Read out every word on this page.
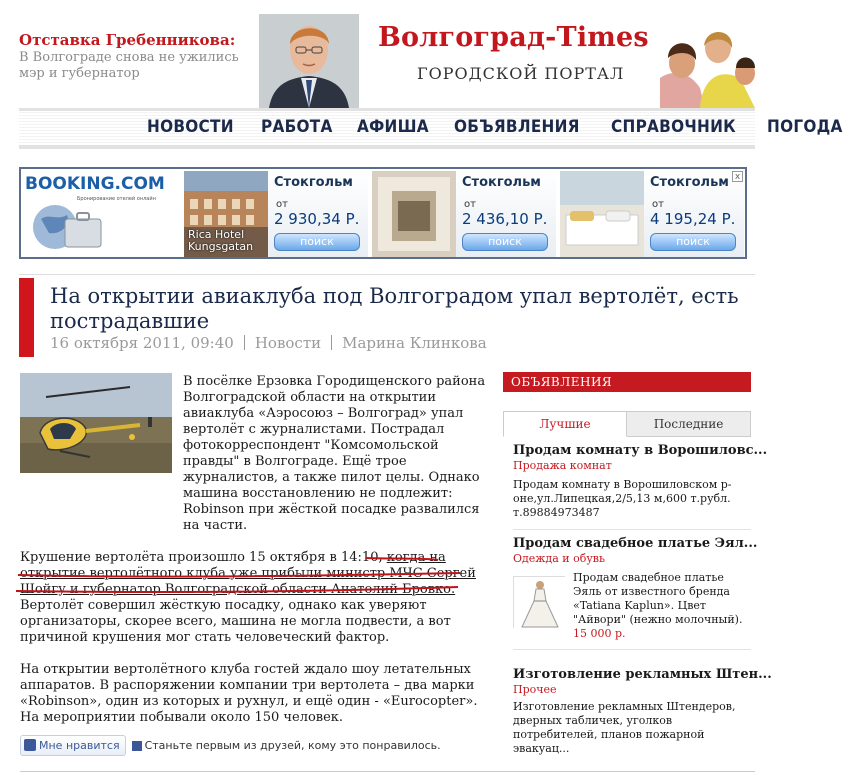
Отставка Гребенникова:
В Волгограде снова не ужились мэр и губернатор
Волгоград-Times
ГОРОДСКОЙ ПОРТАЛ
НОВОСТИ РАБОТА АФИША ОБЪЯВЛЕНИЯ СПРАВОЧНИК ПОГОДА
BOOKING.COM
Бронирование отелей онлайн
Rica Hotel Kungsgatan
Стокгольм
от
2 930,34 Р.
поиск
Стокгольм
от
2 436,10 Р.
поиск
Стокгольм
от
4 195,24 Р.
поиск
x
На открытии авиаклуба под Волгоградом упал вертолёт, есть пострадавшие
16 октября 2011, 09:40 Новости Марина Клинкова

В посёлке Ерзовка Городищенского района Волгоградской области на открытии авиаклуба «Аэросоюз – Волгоград» упал вертолёт с журналистами. Пострадал фотокорреспондент "Комсомольской правды" в Волгограде. Ещё трое журналистов, а также пилот целы. Однако машина восстановлению не подлежит: Robinson при жёсткой посадке развалился на части.

Крушение вертолёта произошло 15 октября в 14:10, когда на открытие вертолётного клуба уже прибыли министр МЧС Сергей Шойгу и губернатор Волгоградской области Анатолий Бровко. Вертолёт совершил жёсткую посадку, однако как уверяют организаторы, скорее всего, машина не могла подвести, а вот причиной крушения мог стать человеческий фактор.

На открытии вертолётного клуба гостей ждало шоу летательных аппаратов. В распоряжении компании три вертолета – два марки «Robinson», один из которых и рухнул, и ещё один - «Eurocopter». На мероприятии побывали около 150 человек.

Мне нравится Станьте первым из друзей, кому это понравилось.
ОБЪЯВЛЕНИЯ
Лучшие	Последние
Продам комнату в Ворошиловс...
Продажа комнат
Продам комнату в Ворошиловском р-оне,ул.Липецкая,2/5,13 м,600 т.рубл. т.89884973487
Продам свадебное платье Эял...
Одежда и обувь
Продам свадебное платье Эяль от известного бренда «Tatiana Kaplun». Цвет "Айвори" (нежно молочный).
15 000 р.
Изготовление рекламных Штен...
Прочее
Изготовление рекламных Штендеров, дверных табличек, уголков потребителей, планов пожарной эвакуац...
